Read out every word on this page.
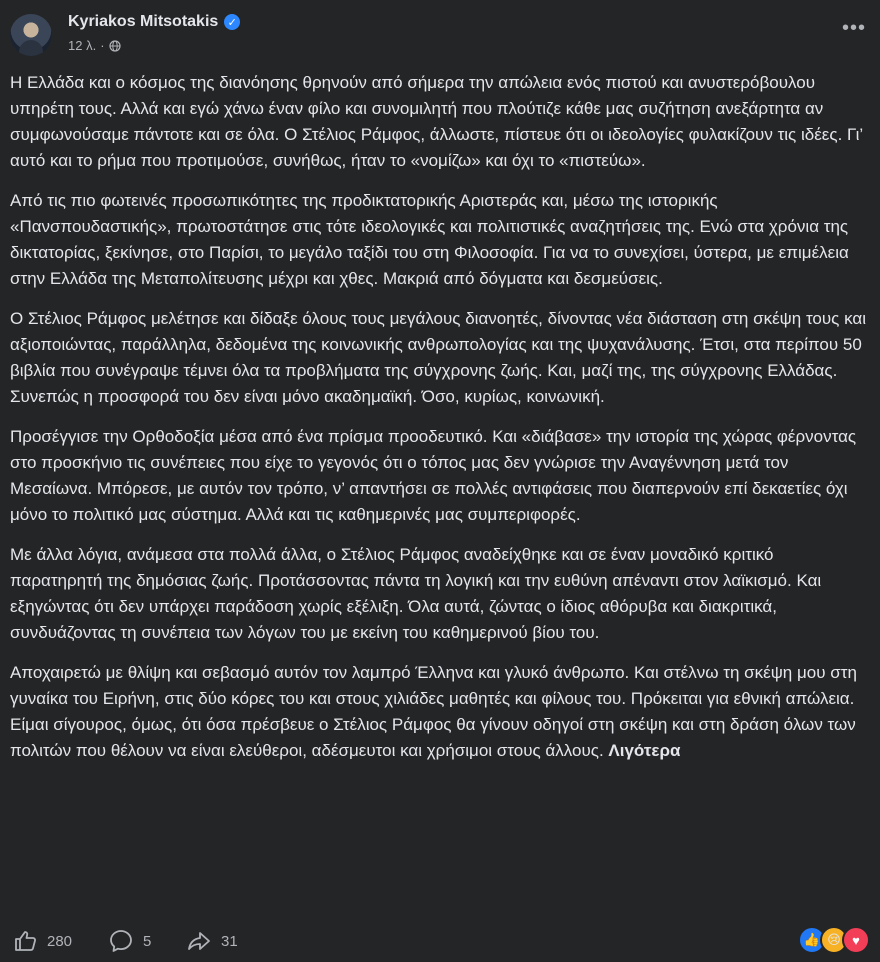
Kyriakos Mitsotakis ✓
12 λ. ·
•••

Η Ελλάδα και ο κόσμος της διανόησης θρηνούν από σήμερα την απώλεια ενός πιστού και ανυστερόβουλου υπηρέτη τους. Αλλά και εγώ χάνω έναν φίλο και συνομιλητή που πλούτιζε κάθε μας συζήτηση ανεξάρτητα αν συμφωνούσαμε πάντοτε και σε όλα. Ο Στέλιος Ράμφος, άλλωστε, πίστευε ότι οι ιδεολογίες φυλακίζουν τις ιδέες. Γι’ αυτό και το ρήμα που προτιμούσε, συνήθως, ήταν το «νομίζω» και όχι το «πιστεύω».

Από τις πιο φωτεινές προσωπικότητες της προδικτατορικής Αριστεράς και, μέσω της ιστορικής «Πανσπουδαστικής», πρωτοστάτησε στις τότε ιδεολογικές και πολιτιστικές αναζητήσεις της. Ενώ στα χρόνια της δικτατορίας, ξεκίνησε, στο Παρίσι, το μεγάλο ταξίδι του στη Φιλοσοφία. Για να το συνεχίσει, ύστερα, με επιμέλεια στην Ελλάδα της Μεταπολίτευσης μέχρι και χθες. Μακριά από δόγματα και δεσμεύσεις.

Ο Στέλιος Ράμφος μελέτησε και δίδαξε όλους τους μεγάλους διανοητές, δίνοντας νέα διάσταση στη σκέψη τους και αξιοποιώντας, παράλληλα, δεδομένα της κοινωνικής ανθρωπολογίας και της ψυχανάλυσης. Έτσι, στα περίπου 50 βιβλία που συνέγραψε τέμνει όλα τα προβλήματα της σύγχρονης ζωής. Και, μαζί της, της σύγχρονης Ελλάδας. Συνεπώς η προσφορά του δεν είναι μόνο ακαδημαϊκή. Όσο, κυρίως, κοινωνική.

Προσέγγισε την Ορθοδοξία μέσα από ένα πρίσμα προοδευτικό. Και «διάβασε» την ιστορία της χώρας φέρνοντας στο προσκήνιο τις συνέπειες που είχε το γεγονός ότι ο τόπος μας δεν γνώρισε την Αναγέννηση μετά τον Μεσαίωνα. Μπόρεσε, με αυτόν τον τρόπο, ν’ απαντήσει σε πολλές αντιφάσεις που διαπερνούν επί δεκαετίες όχι μόνο το πολιτικό μας σύστημα. Αλλά και τις καθημερινές μας συμπεριφορές.

Με άλλα λόγια, ανάμεσα στα πολλά άλλα, ο Στέλιος Ράμφος αναδείχθηκε και σε έναν μοναδικό κριτικό παρατηρητή της δημόσιας ζωής. Προτάσσοντας πάντα τη λογική και την ευθύνη απέναντι στον λαϊκισμό. Και εξηγώντας ότι δεν υπάρχει παράδοση χωρίς εξέλιξη. Όλα αυτά, ζώντας ο ίδιος αθόρυβα και διακριτικά, συνδυάζοντας τη συνέπεια των λόγων του με εκείνη του καθημερινού βίου του.

Αποχαιρετώ με θλίψη και σεβασμό αυτόν τον λαμπρό Έλληνα και γλυκό άνθρωπο. Και στέλνω τη σκέψη μου στη γυναίκα του Ειρήνη, στις δύο κόρες του και στους χιλιάδες μαθητές και φίλους του. Πρόκειται για εθνική απώλεια. Είμαι σίγουρος, όμως, ότι όσα πρέσβευε ο Στέλιος Ράμφος θα γίνουν οδηγοί στη σκέψη και στη δράση όλων των πολιτών που θέλουν να είναι ελεύθεροι, αδέσμευτοι και χρήσιμοι στους άλλους. Λιγότερα

280	5	31	👍 😢 ♥
